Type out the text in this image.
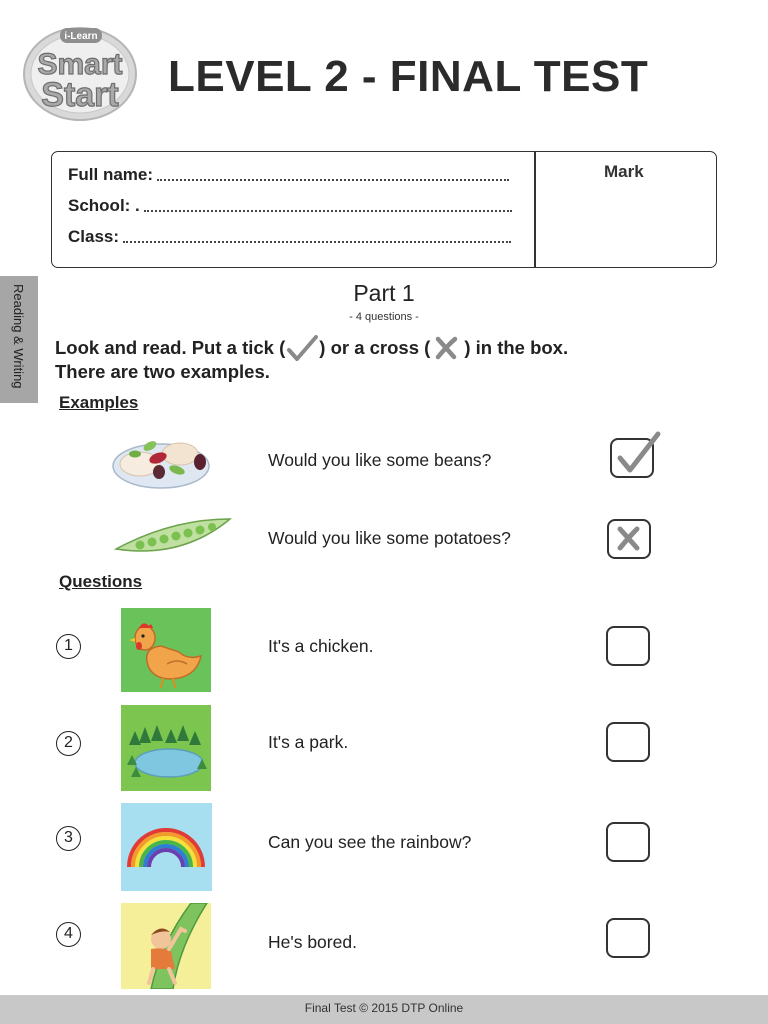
i-Learn
Smart
Start LEVEL 2 - FINAL TEST
Full name:
School: .
Class:
Mark
Reading & Writing	Part 1
- 4 questions -
Look and read. Put a tick ( ) or a cross ( ) in the box.
There are two examples.
Examples
Would you like some beans?
Would you like some potatoes?
Questions
1	It's a chicken.
2	It's a park.
3	Can you see the rainbow?
4	He's bored.
Final Test © 2015 DTP Online
